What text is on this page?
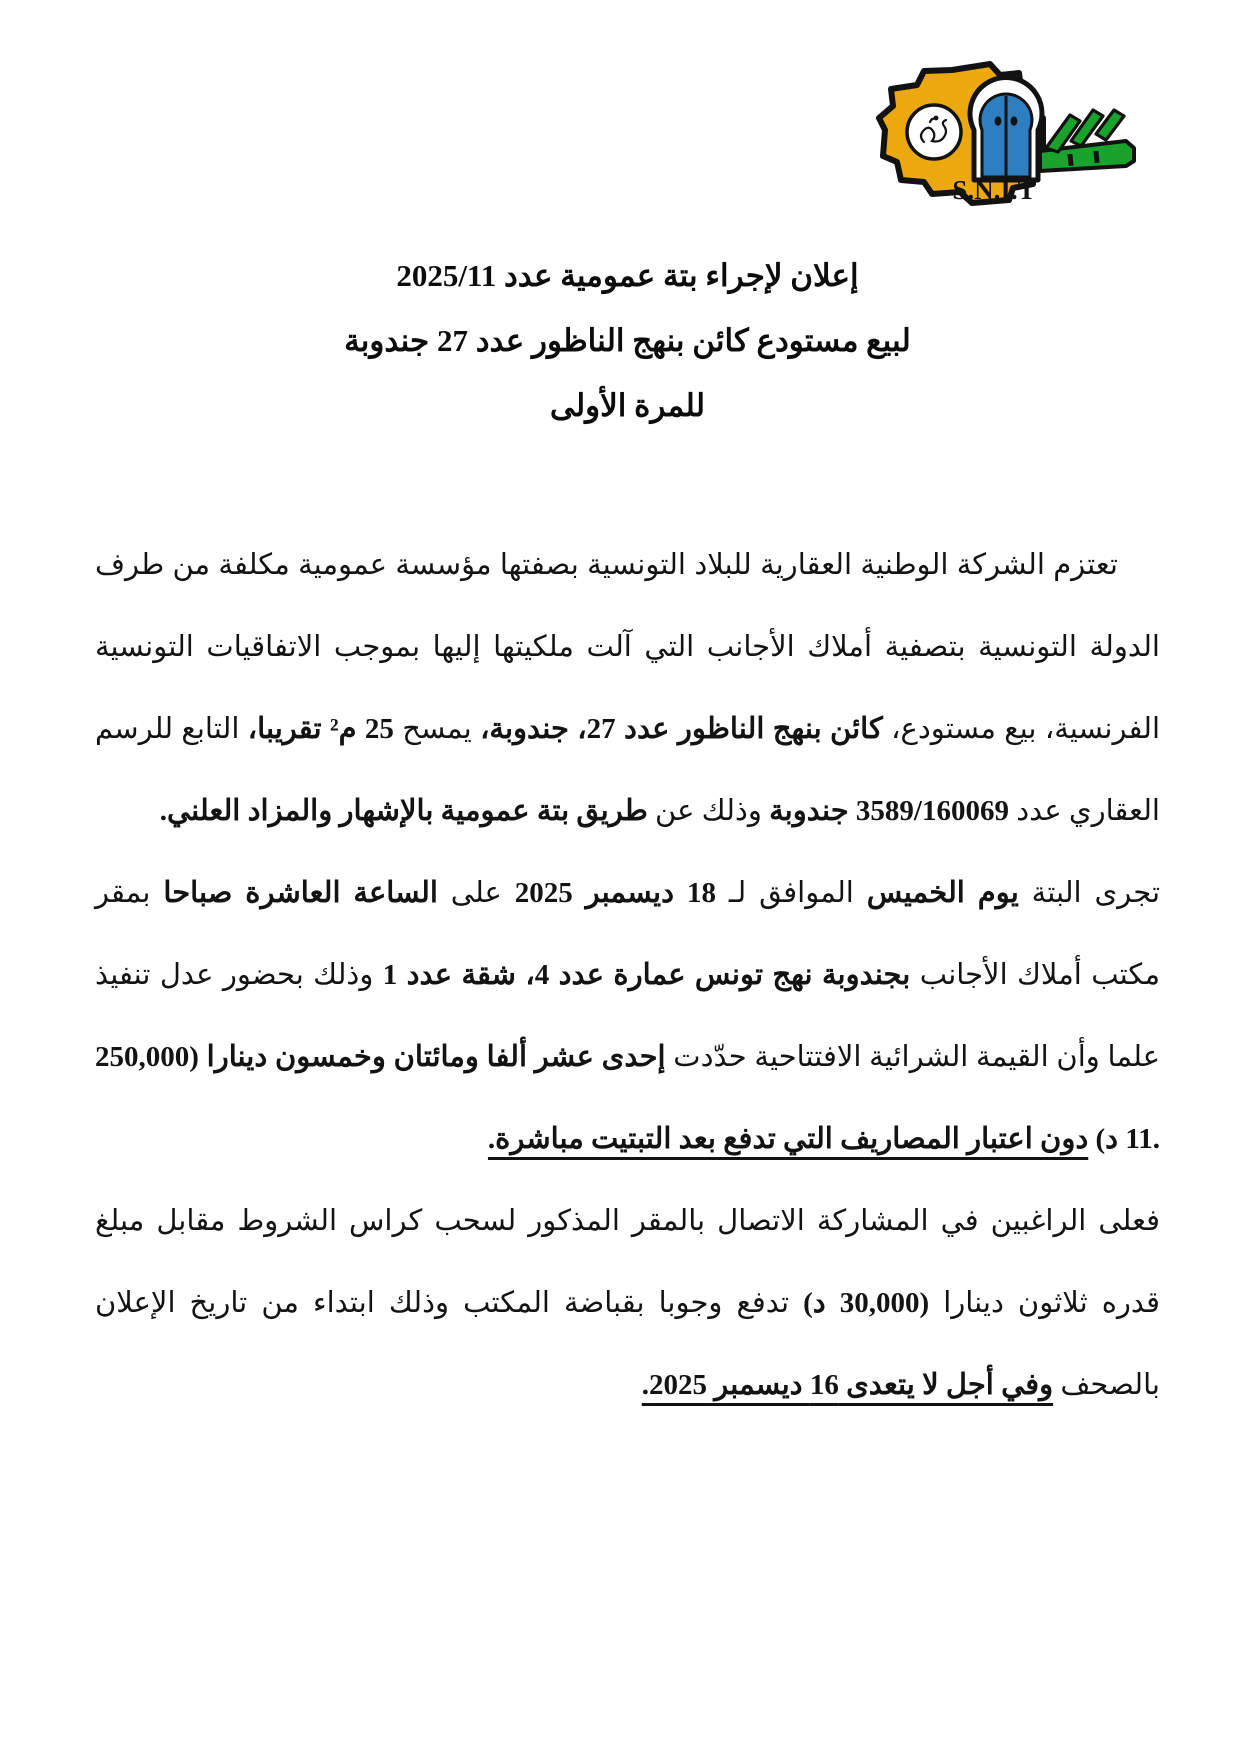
S.N.I.T
إعلان لإجراء بتة عمومية عدد 2025/11
لبيع مستودع كائن بنهج الناظور عدد 27 جندوبة
للمرة الأولى

تعتزم الشركة الوطنية العقارية للبلاد التونسية بصفتها مؤسسة عمومية مكلفة من طرف الدولة التونسية بتصفية أملاك الأجانب التي آلت ملكيتها إليها بموجب الاتفاقيات التونسية الفرنسية، بيع مستودع، كائن بنهج الناظور عدد 27، جندوبة، يمسح 25 م² تقريبا، التابع للرسم العقاري عدد 3589/160069 جندوبة وذلك عن طريق بتة عمومية بالإشهار والمزاد العلني.

تجرى البتة يوم الخميس الموافق لـ 18 ديسمبر 2025 على الساعة العاشرة صباحا بمقر مكتب أملاك الأجانب بجندوبة نهج تونس عمارة عدد 4، شقة عدد 1 وذلك بحضور عدل تنفيذ علما وأن القيمة الشرائية الافتتاحية حدّدت إحدى عشر ألفا ومائتان وخمسون دينارا (250,000 .11 د) دون اعتبار المصاريف التي تدفع بعد التبتيت مباشرة.

فعلى الراغبين في المشاركة الاتصال بالمقر المذكور لسحب كراس الشروط مقابل مبلغ قدره ثلاثون دينارا (30,000 د) تدفع وجوبا بقباضة المكتب وذلك ابتداء من تاريخ الإعلان بالصحف وفي أجل لا يتعدى 16 ديسمبر 2025.
